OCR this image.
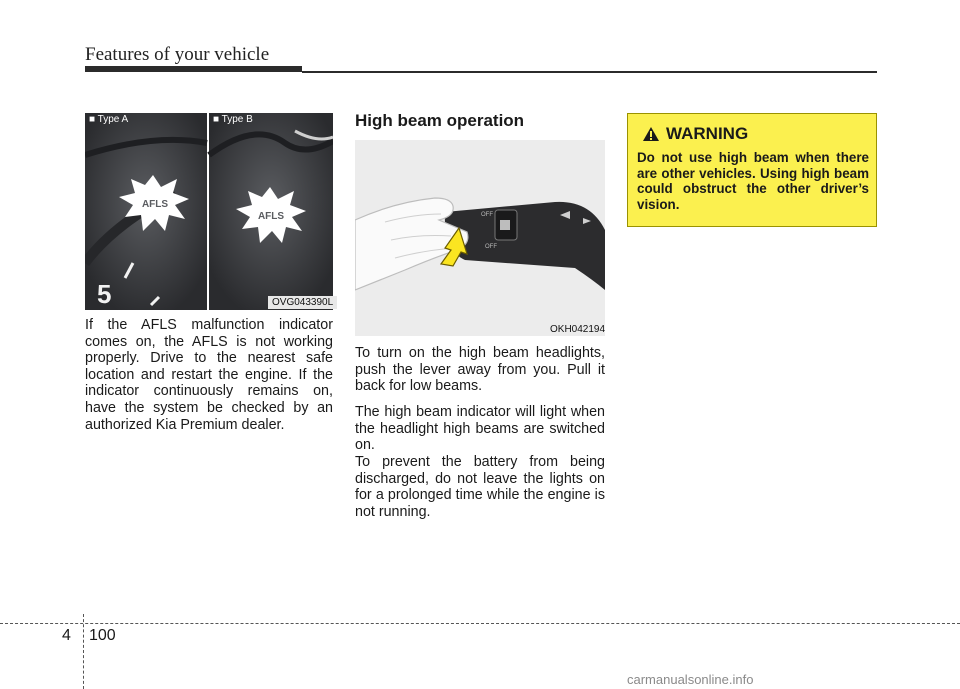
Features of your vehicle
AFLS
AFLS
5
■ Type A	■ Type B
OVG043390L

If the AFLS malfunction indicator comes on, the AFLS is not working properly. Drive to the nearest safe location and restart the engine. If the indicator continuously remains on, have the system be checked by an authorized Kia Premium dealer.

High beam operation
OFF
OFF
OKH042194

To turn on the high beam headlights, push the lever away from you. Pull it back for low beams.

The high beam indicator will light when the headlight high beams are switched on.

To prevent the battery from being discharged, do not leave the lights on for a prolonged time while the engine is not running.

WARNING

Do not use high beam when there are other vehicles. Using high beam could obstruct the other driver’s vision.

4 100
carmanualsonline.info
